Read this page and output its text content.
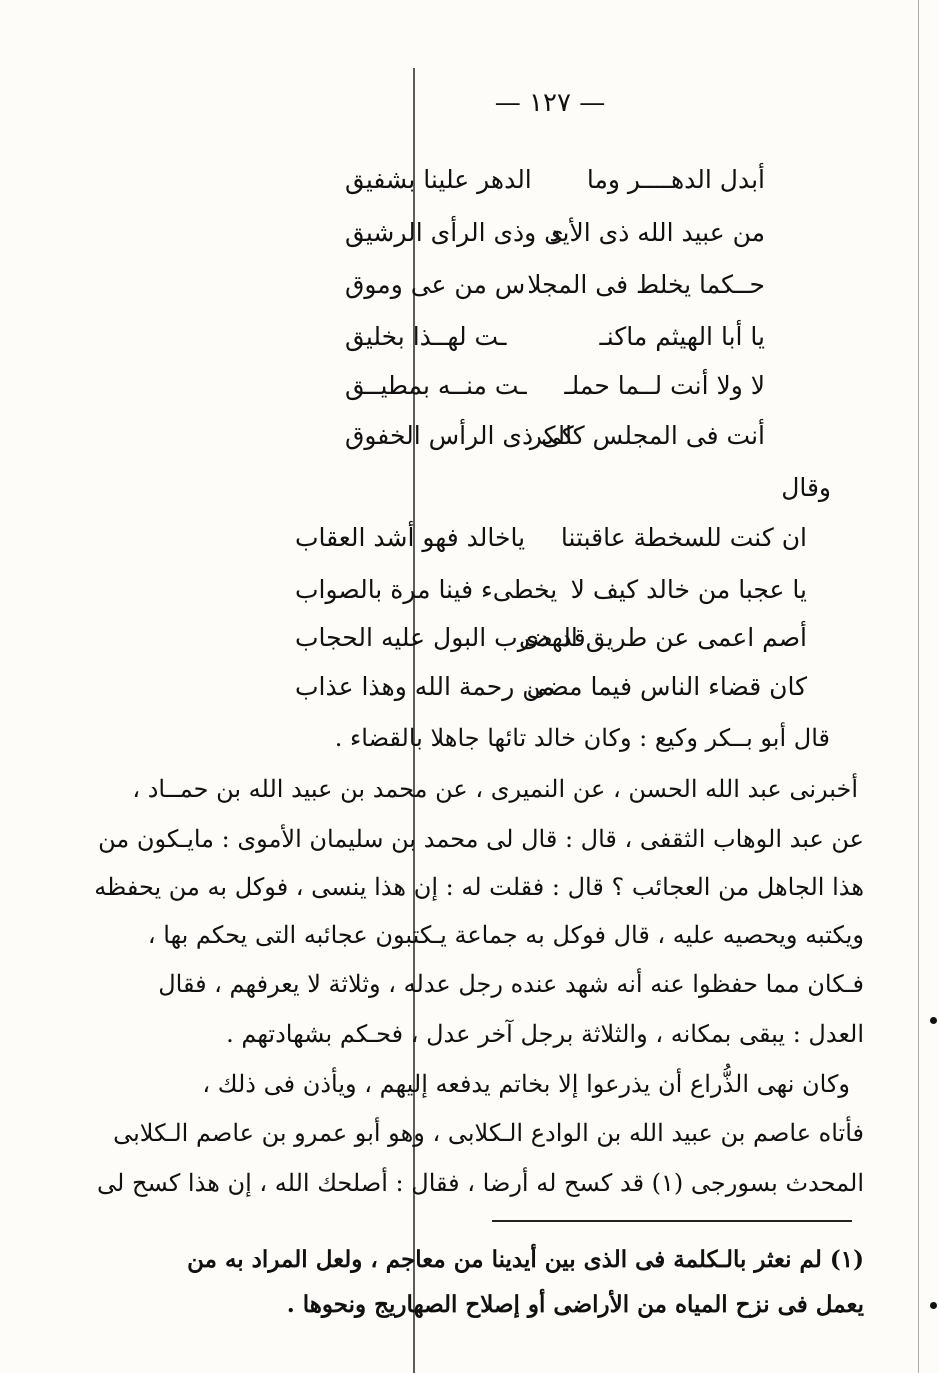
— ١٢٧ —
أبدل الدهــــر وما
الدهر علينا بشفيق
من عبيد الله ذى الأيد
ى وذى الرأى الرشيق
حــكما يخلط فى المجلا
س من عى وموق
يا أبا الهيثم ماكنـ
ـت لهــذا بخليق
لا ولا أنت لــما حملـ
ـت منــه بمطيــق
أنت فى المجلس كالكر
كى ذى الرأس الخفوق
وقال
ان كنت للسخطة عاقبتنا
ياخالد فهو أشد العقاب
يا عجبا من خالد كيف لا
يخطىء فينا مرة بالصواب
أصم اعمى عن طريق الهدى
قد ضرب البول عليه الحجاب
كان قضاء الناس فيما مضى
من رحمة الله وهذا عذاب
قال أبو بــكر وكيع : وكان خالد تائها جاهلا بالقضاء .
أخبرنى عبد الله الحسن ، عن النميرى ، عن محمد بن عبيد الله بن حمــاد ،
عن عبد الوهاب الثقفى ، قال : قال لى محمد بن سليمان الأموى : مايـكون من
هذا الجاهل من العجائب ؟ قال : فقلت له : إن هذا ينسى ، فوكل به من يحفظه
ويكتبه ويحصيه عليه ، قال فوكل به جماعة يـكتبون عجائبه التى يحكم بها ،
فـكان مما حفظوا عنه أنه شهد عنده رجل عدله ، وثلاثة لا يعرفهم ، فقال
العدل : يبقى بمكانه ، والثلاثة برجل آخر عدل ، فحـكم بشهادتهم .
وكان نهى الذُّراع أن يذرعوا إلا بخاتم يدفعه إليهم ، ويأذن فى ذلك ،
فأتاه عاصم بن عبيد الله بن الوادع الـكلابى ، وهو أبو عمرو بن عاصم الـكلابى
المحدث بسورجى (١) قد كسح له أرضا ، فقال : أصلحك الله ، إن هذا كسح لى
(١) لم نعثر بالـكلمة فى الذى بين أيدينا من معاجم ، ولعل المراد به من
يعمل فى نزح المياه من الأراضى أو إصلاح الصهاريج ونحوها .
